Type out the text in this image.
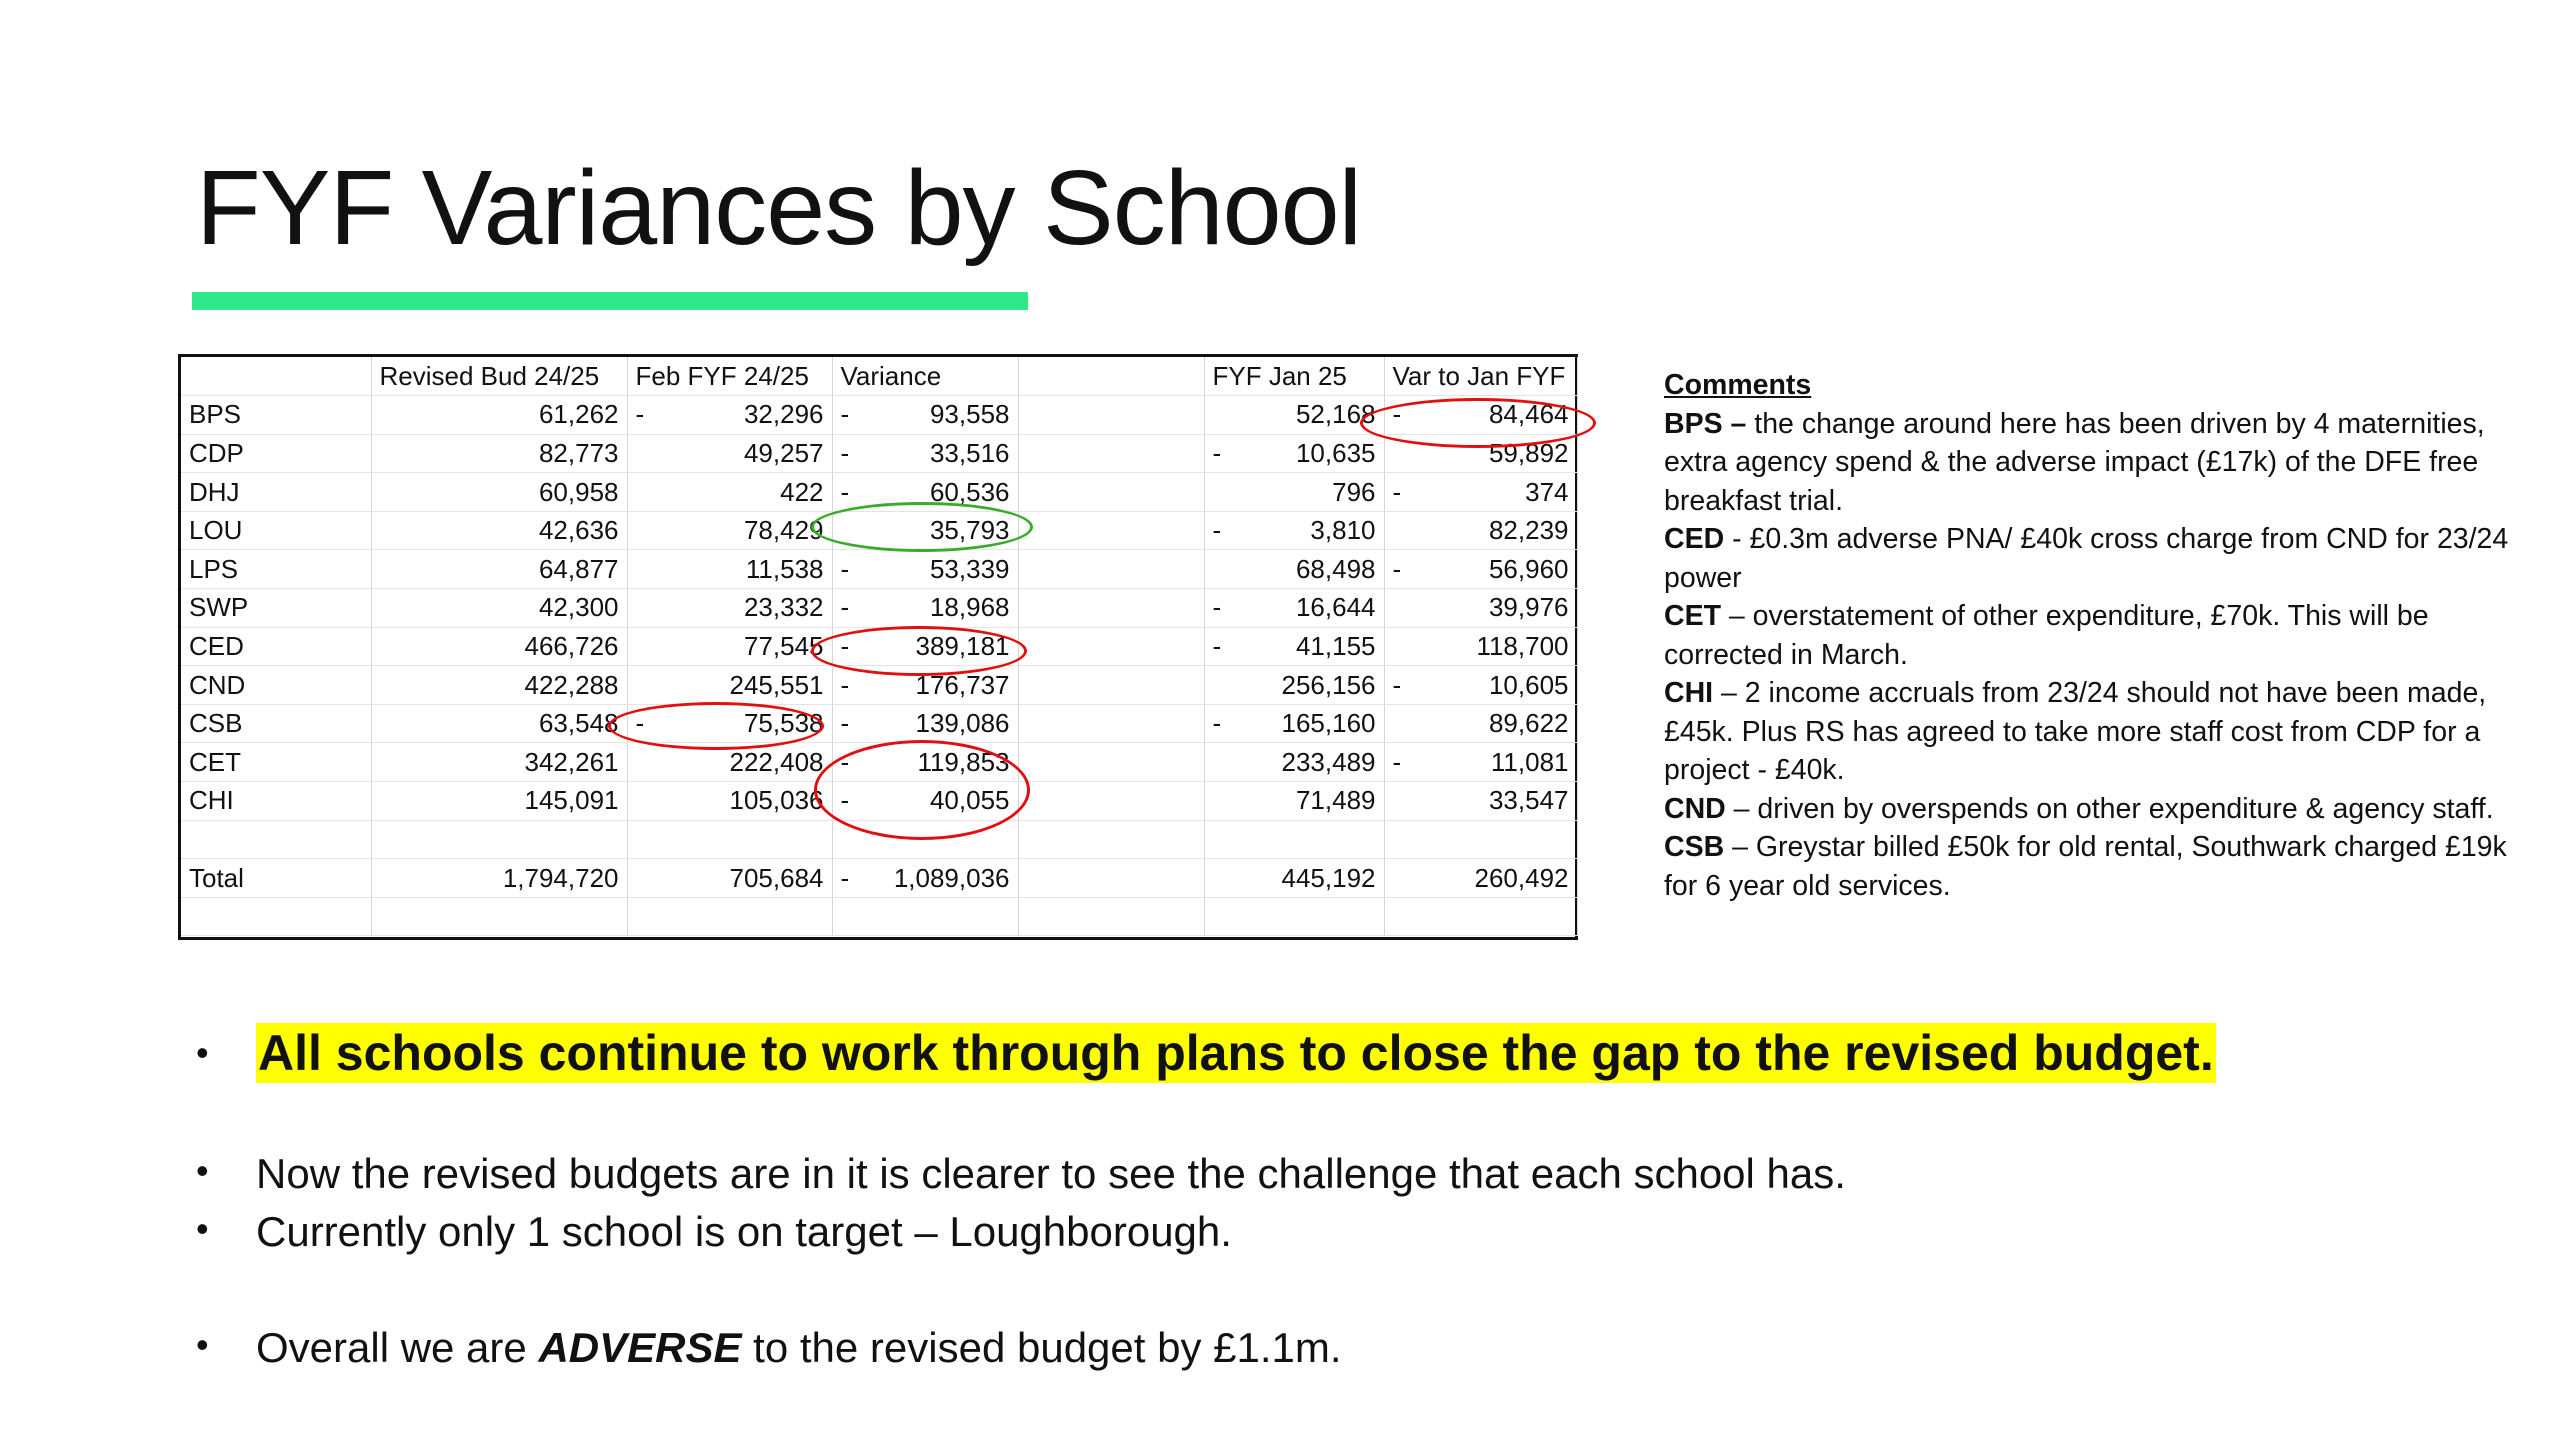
FYF Variances by School
	Revised Bud 24/25	Feb FYF 24/25	Variance		FYF Jan 25	Var to Jan FYF
BPS	61,262	- 32,296	- 93,558		52,168	- 84,464
CDP	82,773	49,257	- 33,516		- 10,635	59,892
DHJ	60,958	422	- 60,536		796	- 374
LOU	42,636	78,429	35,793		- 3,810	82,239
LPS	64,877	11,538	- 53,339		68,498	- 56,960
SWP	42,300	23,332	- 18,968		- 16,644	39,976
CED	466,726	77,545	- 389,181		- 41,155	118,700
CND	422,288	245,551	- 176,737		256,156	- 10,605
CSB	63,548	- 75,538	- 139,086		- 165,160	89,622
CET	342,261	222,408	- 119,853		233,489	- 11,081
CHI	145,091	105,036	- 40,055		71,489	33,547

Total	1,794,720	705,684	- 1,089,036		445,192	260,492

Comments
BPS – the change around here has been driven by 4 maternities, extra agency spend & the adverse impact (£17k) of the DFE free breakfast trial.
CED - £0.3m adverse PNA/ £40k cross charge from CND for 23/24 power
CET – overstatement of other expenditure, £70k. This will be corrected in March.
CHI – 2 income accruals from 23/24 should not have been made, £45k. Plus RS has agreed to take more staff cost from CDP for a project - £40k.
CND – driven by overspends on other expenditure & agency staff.
CSB – Greystar billed £50k for old rental, Southwark charged £19k for 6 year old services.
• All schools continue to work through plans to close the gap to the revised budget.
• Now the revised budgets are in it is clearer to see the challenge that each school has.
• Currently only 1 school is on target – Loughborough.
• Overall we are ADVERSE to the revised budget by £1.1m.
